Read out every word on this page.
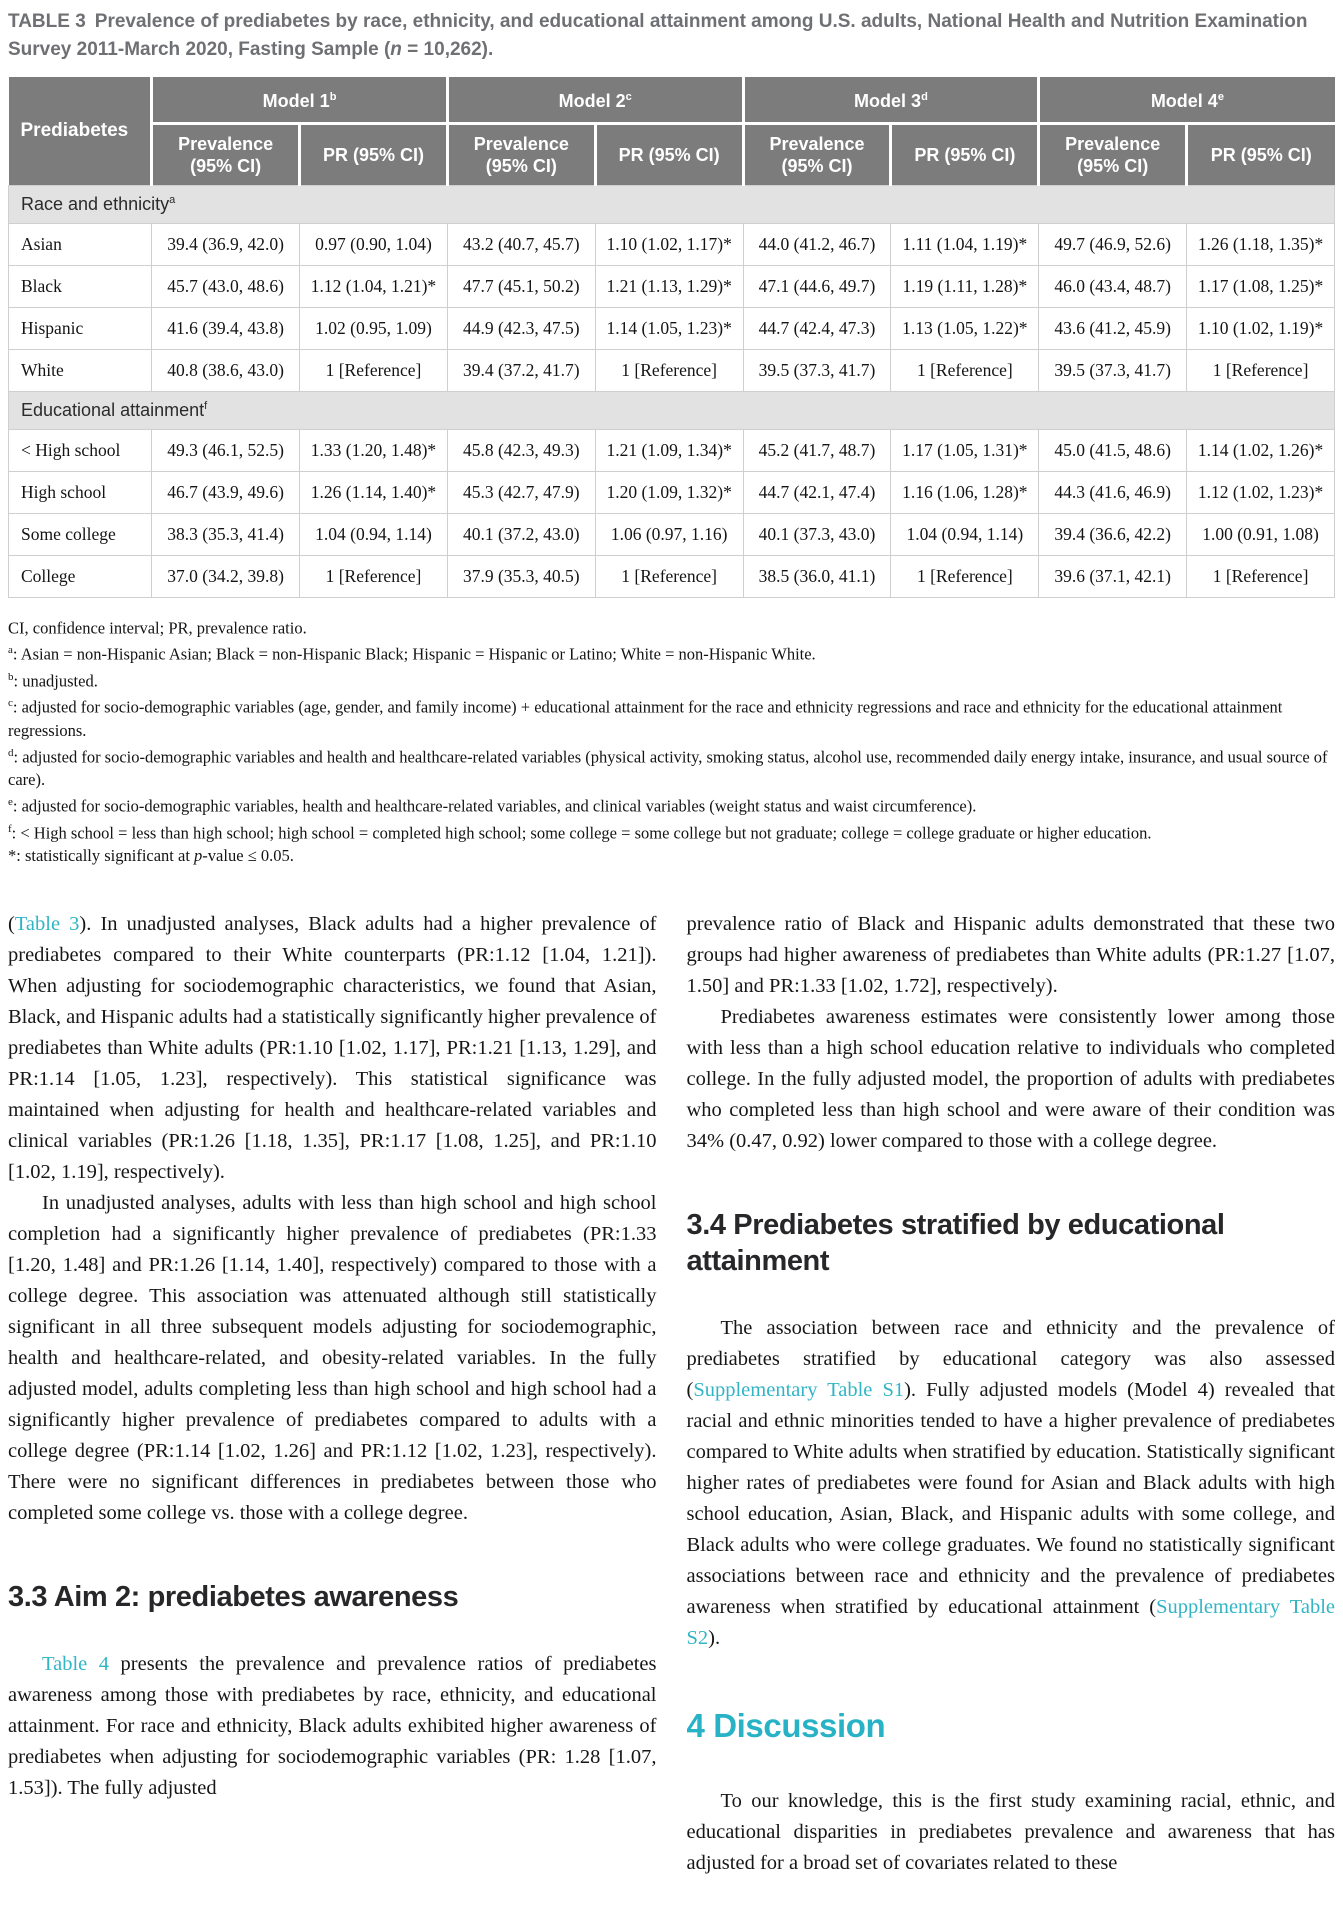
TABLE 3 Prevalence of prediabetes by race, ethnicity, and educational attainment among U.S. adults, National Health and Nutrition Examination Survey 2011-March 2020, Fasting Sample (n = 10,262).
Prediabetes	Model 1$^b$		Model 2$^c$		Model 3$^d$		Model 4e
	Prevalence (95% CI)	PR (95% CI)	Prevalence (95% CI)	PR (95% CI)	Prevalence (95% CI)	PR (95% CI)	Prevalence (95% CI)	PR (95% CI)
Race and ethnicity$^a$
Asian	39.4 (36.9, 42.0)	0.97 (0.90, 1.04)	43.2 (40.7, 45.7)	1.10 (1.02, 1.17)*	44.0 (41.2, 46.7)	1.11 (1.04, 1.19)*	49.7 (46.9, 52.6)	1.26 (1.18, 1.35)*
Black	45.7 (43.0, 48.6)	1.12 (1.04, 1.21)*	47.7 (45.1, 50.2)	1.21 (1.13, 1.29)*	47.1 (44.6, 49.7)	1.19 (1.11, 1.28)*	46.0 (43.4, 48.7)	1.17 (1.08, 1.25)*
Hispanic	41.6 (39.4, 43.8)	1.02 (0.95, 1.09)	44.9 (42.3, 47.5)	1.14 (1.05, 1.23)*	44.7 (42.4, 47.3)	1.13 (1.05, 1.22)*	43.6 (41.2, 45.9)	1.10 (1.02, 1.19)*
White	40.8 (38.6, 43.0)	1 [Reference]	39.4 (37.2, 41.7)	1 [Reference]	39.5 (37.3, 41.7)	1 [Reference]	39.5 (37.3, 41.7)	1 [Reference]
Educational attainment$^f$
< High school	49.3 (46.1, 52.5)	1.33 (1.20, 1.48)*	45.8 (42.3, 49.3)	1.21 (1.09, 1.34)*	45.2 (41.7, 48.7)	1.17 (1.05, 1.31)*	45.0 (41.5, 48.6)	1.14 (1.02, 1.26)*
High school	46.7 (43.9, 49.6)	1.26 (1.14, 1.40)*	45.3 (42.7, 47.9)	1.20 (1.09, 1.32)*	44.7 (42.1, 47.4)	1.16 (1.06, 1.28)*	44.3 (41.6, 46.9)	1.12 (1.02, 1.23)*
Some college	38.3 (35.3, 41.4)	1.04 (0.94, 1.14)	40.1 (37.2, 43.0)	1.06 (0.97, 1.16)	40.1 (37.3, 43.0)	1.04 (0.94, 1.14)	39.4 (36.6, 42.2)	1.00 (0.91, 1.08)
College	37.0 (34.2, 39.8)	1 [Reference]	37.9 (35.3, 40.5)	1 [Reference]	38.5 (36.0, 41.1)	1 [Reference]	39.6 (37.1, 42.1)	1 [Reference]

CI, confidence interval; PR, prevalence ratio.

$^a$: Asian = non-Hispanic Asian; Black = non-Hispanic Black; Hispanic = Hispanic or Latino; White = non-Hispanic White.

$^b$: unadjusted.

$^c$: adjusted for socio-demographic variables (age, gender, and family income) + educational attainment for the race and ethnicity regressions and race and ethnicity for the educational attainment regressions.

$^d$: adjusted for socio-demographic variables and health and healthcare-related variables (physical activity, smoking status, alcohol use, recommended daily energy intake, insurance, and usual source of care).

$^e$: adjusted for socio-demographic variables, health and healthcare-related variables, and clinical variables (weight status and waist circumference).

$^f$: < High school = less than high school; high school = completed high school; some college = some college but not graduate; college = college graduate or higher education.

*: statistically significant at p-value ≤ 0.05.

(Table 3). In unadjusted analyses, Black adults had a higher prevalence of prediabetes compared to their White counterparts (PR:1.12 [1.04, 1.21]). When adjusting for sociodemographic characteristics, we found that Asian, Black, and Hispanic adults had a statistically significantly higher prevalence of prediabetes than White adults (PR:1.10 [1.02, 1.17], PR:1.21 [1.13, 1.29], and PR:1.14 [1.05, 1.23], respectively). This statistical significance was maintained when adjusting for health and healthcare-related variables and clinical variables (PR:1.26 [1.18, 1.35], PR:1.17 [1.08, 1.25], and PR:1.10 [1.02, 1.19], respectively).

In unadjusted analyses, adults with less than high school and high school completion had a significantly higher prevalence of prediabetes (PR:1.33 [1.20, 1.48] and PR:1.26 [1.14, 1.40], respectively) compared to those with a college degree. This association was attenuated although still statistically significant in all three subsequent models adjusting for sociodemographic, health and healthcare-related, and obesity-related variables. In the fully adjusted model, adults completing less than high school and high school had a significantly higher prevalence of prediabetes compared to adults with a college degree (PR:1.14 [1.02, 1.26] and PR:1.12 [1.02, 1.23], respectively). There were no significant differences in prediabetes between those who completed some college vs. those with a college degree.

3.3 Aim 2: prediabetes awareness

Table 4 presents the prevalence and prevalence ratios of prediabetes awareness among those with prediabetes by race, ethnicity, and educational attainment. For race and ethnicity, Black adults exhibited higher awareness of prediabetes when adjusting for sociodemographic variables (PR: 1.28 [1.07, 1.53]). The fully adjusted

prevalence ratio of Black and Hispanic adults demonstrated that these two groups had higher awareness of prediabetes than White adults (PR:1.27 [1.07, 1.50] and PR:1.33 [1.02, 1.72], respectively).

Prediabetes awareness estimates were consistently lower among those with less than a high school education relative to individuals who completed college. In the fully adjusted model, the proportion of adults with prediabetes who completed less than high school and were aware of their condition was 34% (0.47, 0.92) lower compared to those with a college degree.

3.4 Prediabetes stratified by educational attainment

The association between race and ethnicity and the prevalence of prediabetes stratified by educational category was also assessed (Supplementary Table S1). Fully adjusted models (Model 4) revealed that racial and ethnic minorities tended to have a higher prevalence of prediabetes compared to White adults when stratified by education. Statistically significant higher rates of prediabetes were found for Asian and Black adults with high school education, Asian, Black, and Hispanic adults with some college, and Black adults who were college graduates. We found no statistically significant associations between race and ethnicity and the prevalence of prediabetes awareness when stratified by educational attainment (Supplementary Table S2).

4 Discussion

To our knowledge, this is the first study examining racial, ethnic, and educational disparities in prediabetes prevalence and awareness that has adjusted for a broad set of covariates related to these
